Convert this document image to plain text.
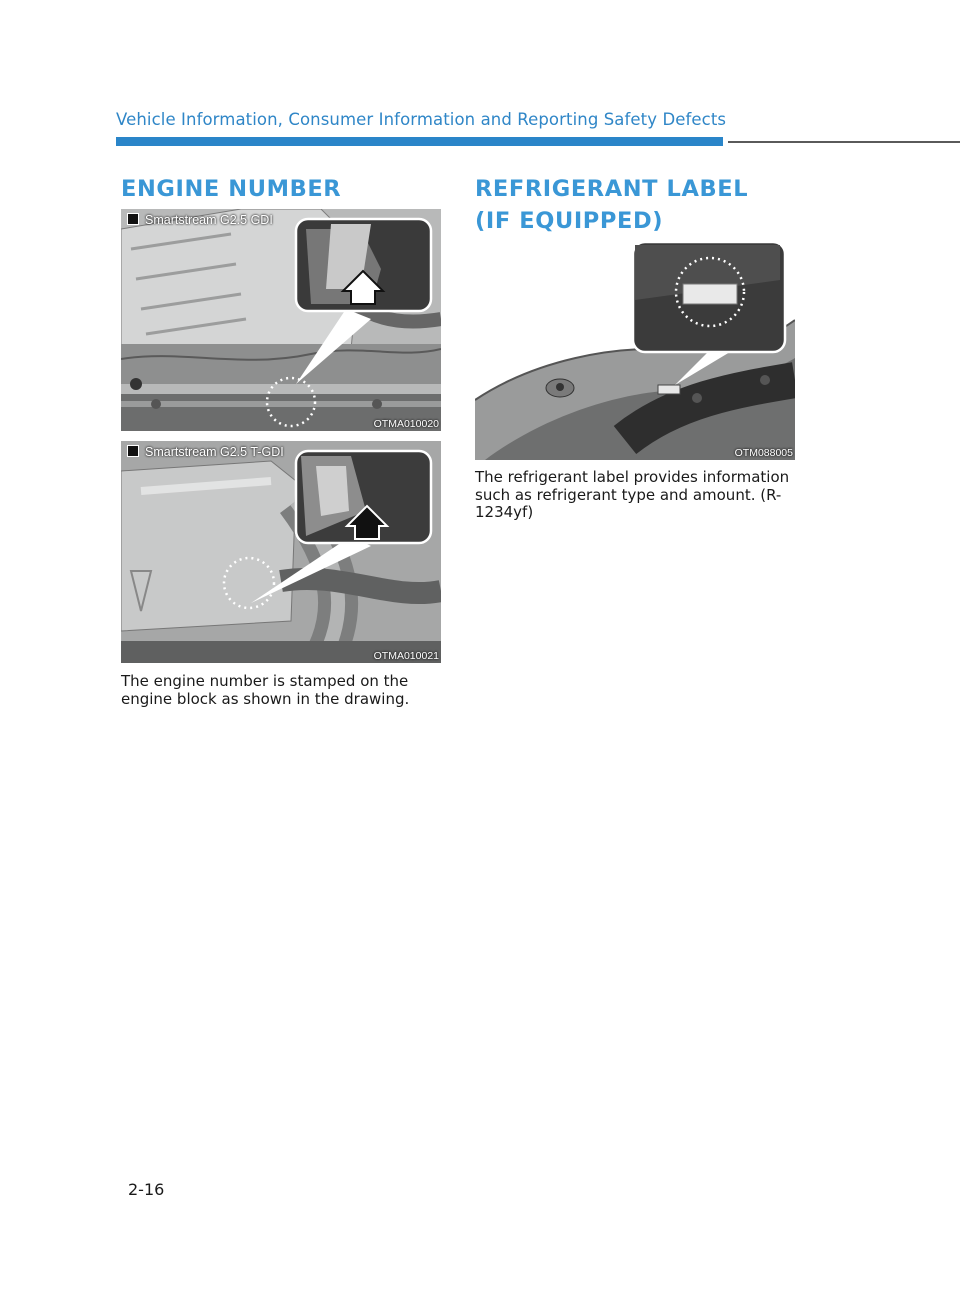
Vehicle Information, Consumer Information and Reporting Safety Defects
ENGINE NUMBER
Smartstream G2.5 GDI
OTMA010020
Smartstream G2.5 T-GDI
OTMA010021

The engine number is stamped on the engine block as shown in the drawing.

REFRIGERANT LABEL
(IF EQUIPPED)
OTM088005

The refrigerant label provides information such as refrigerant type and amount. (R-1234yf)

2-16
